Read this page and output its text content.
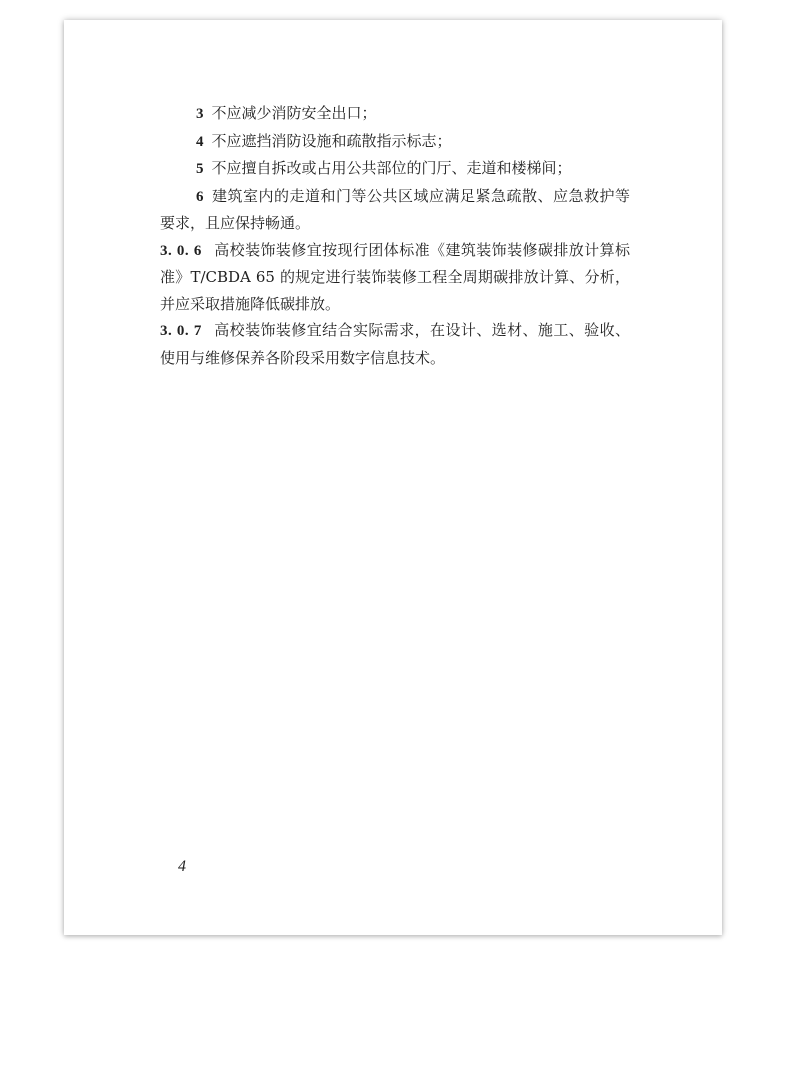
3 不应减少消防安全出口；

4 不应遮挡消防设施和疏散指示标志；

5 不应擅自拆改或占用公共部位的门厅、走道和楼梯间；

6 建筑室内的走道和门等公共区域应满足紧急疏散、应急救护等要求，且应保持畅通。

3. 0. 6 高校装饰装修宜按现行团体标准《建筑装饰装修碳排放计算标准》T/CBDA 65 的规定进行装饰装修工程全周期碳排放计算、分析，并应采取措施降低碳排放。

3. 0. 7 高校装饰装修宜结合实际需求，在设计、选材、施工、验收、使用与维修保养各阶段采用数字信息技术。

4
